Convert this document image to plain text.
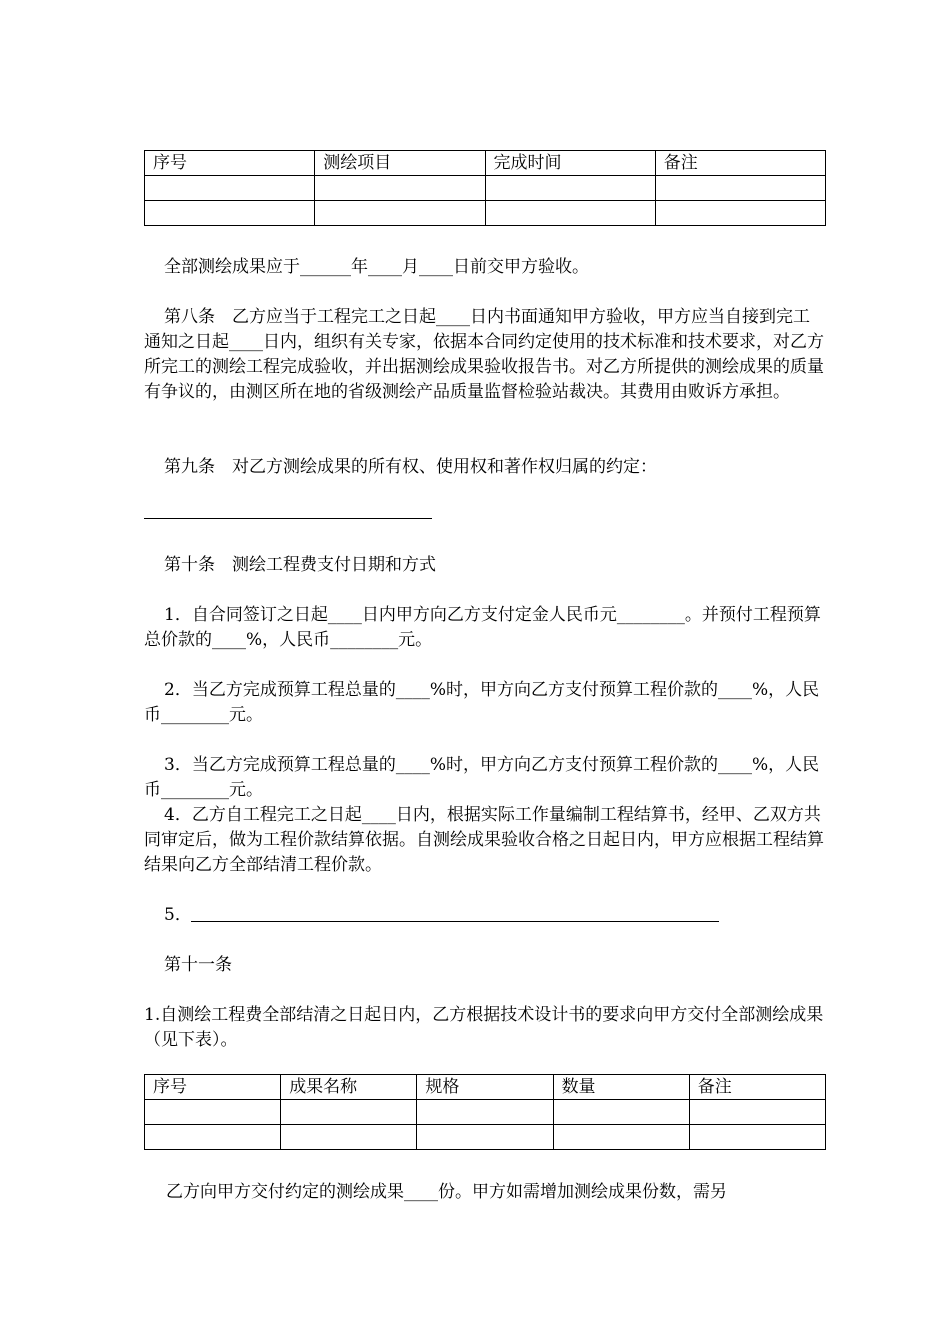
序号	测绘项目	完成时间	备注

全部测绘成果应于______年____月____日前交甲方验收。

第八条　乙方应当于工程完工之日起____日内书面通知甲方验收，甲方应当自接到完工通知之日起____日内，组织有关专家，依据本合同约定使用的技术标准和技术要求，对乙方所完工的测绘工程完成验收，并出据测绘成果验收报告书。对乙方所提供的测绘成果的质量有争议的，由测区所在地的省级测绘产品质量监督检验站裁决。其费用由败诉方承担。

第九条　对乙方测绘成果的所有权、使用权和著作权归属的约定：

第十条　测绘工程费支付日期和方式

1．自合同签订之日起____日内甲方向乙方支付定金人民币元________。并预付工程预算总价款的____%，人民币________元。

2．当乙方完成预算工程总量的____%时，甲方向乙方支付预算工程价款的____%，人民币________元。

3．当乙方完成预算工程总量的____%时，甲方向乙方支付预算工程价款的____%，人民币________元。

4．乙方自工程完工之日起____日内，根据实际工作量编制工程结算书，经甲、乙双方共同审定后，做为工程价款结算依据。自测绘成果验收合格之日起日内，甲方应根据工程结算结果向乙方全部结清工程价款。

5．

第十一条

1.自测绘工程费全部结清之日起日内，乙方根据技术设计书的要求向甲方交付全部测绘成果（见下表）。

序号	成果名称	规格	数量	备注

乙方向甲方交付约定的测绘成果____份。甲方如需增加测绘成果份数，需另
